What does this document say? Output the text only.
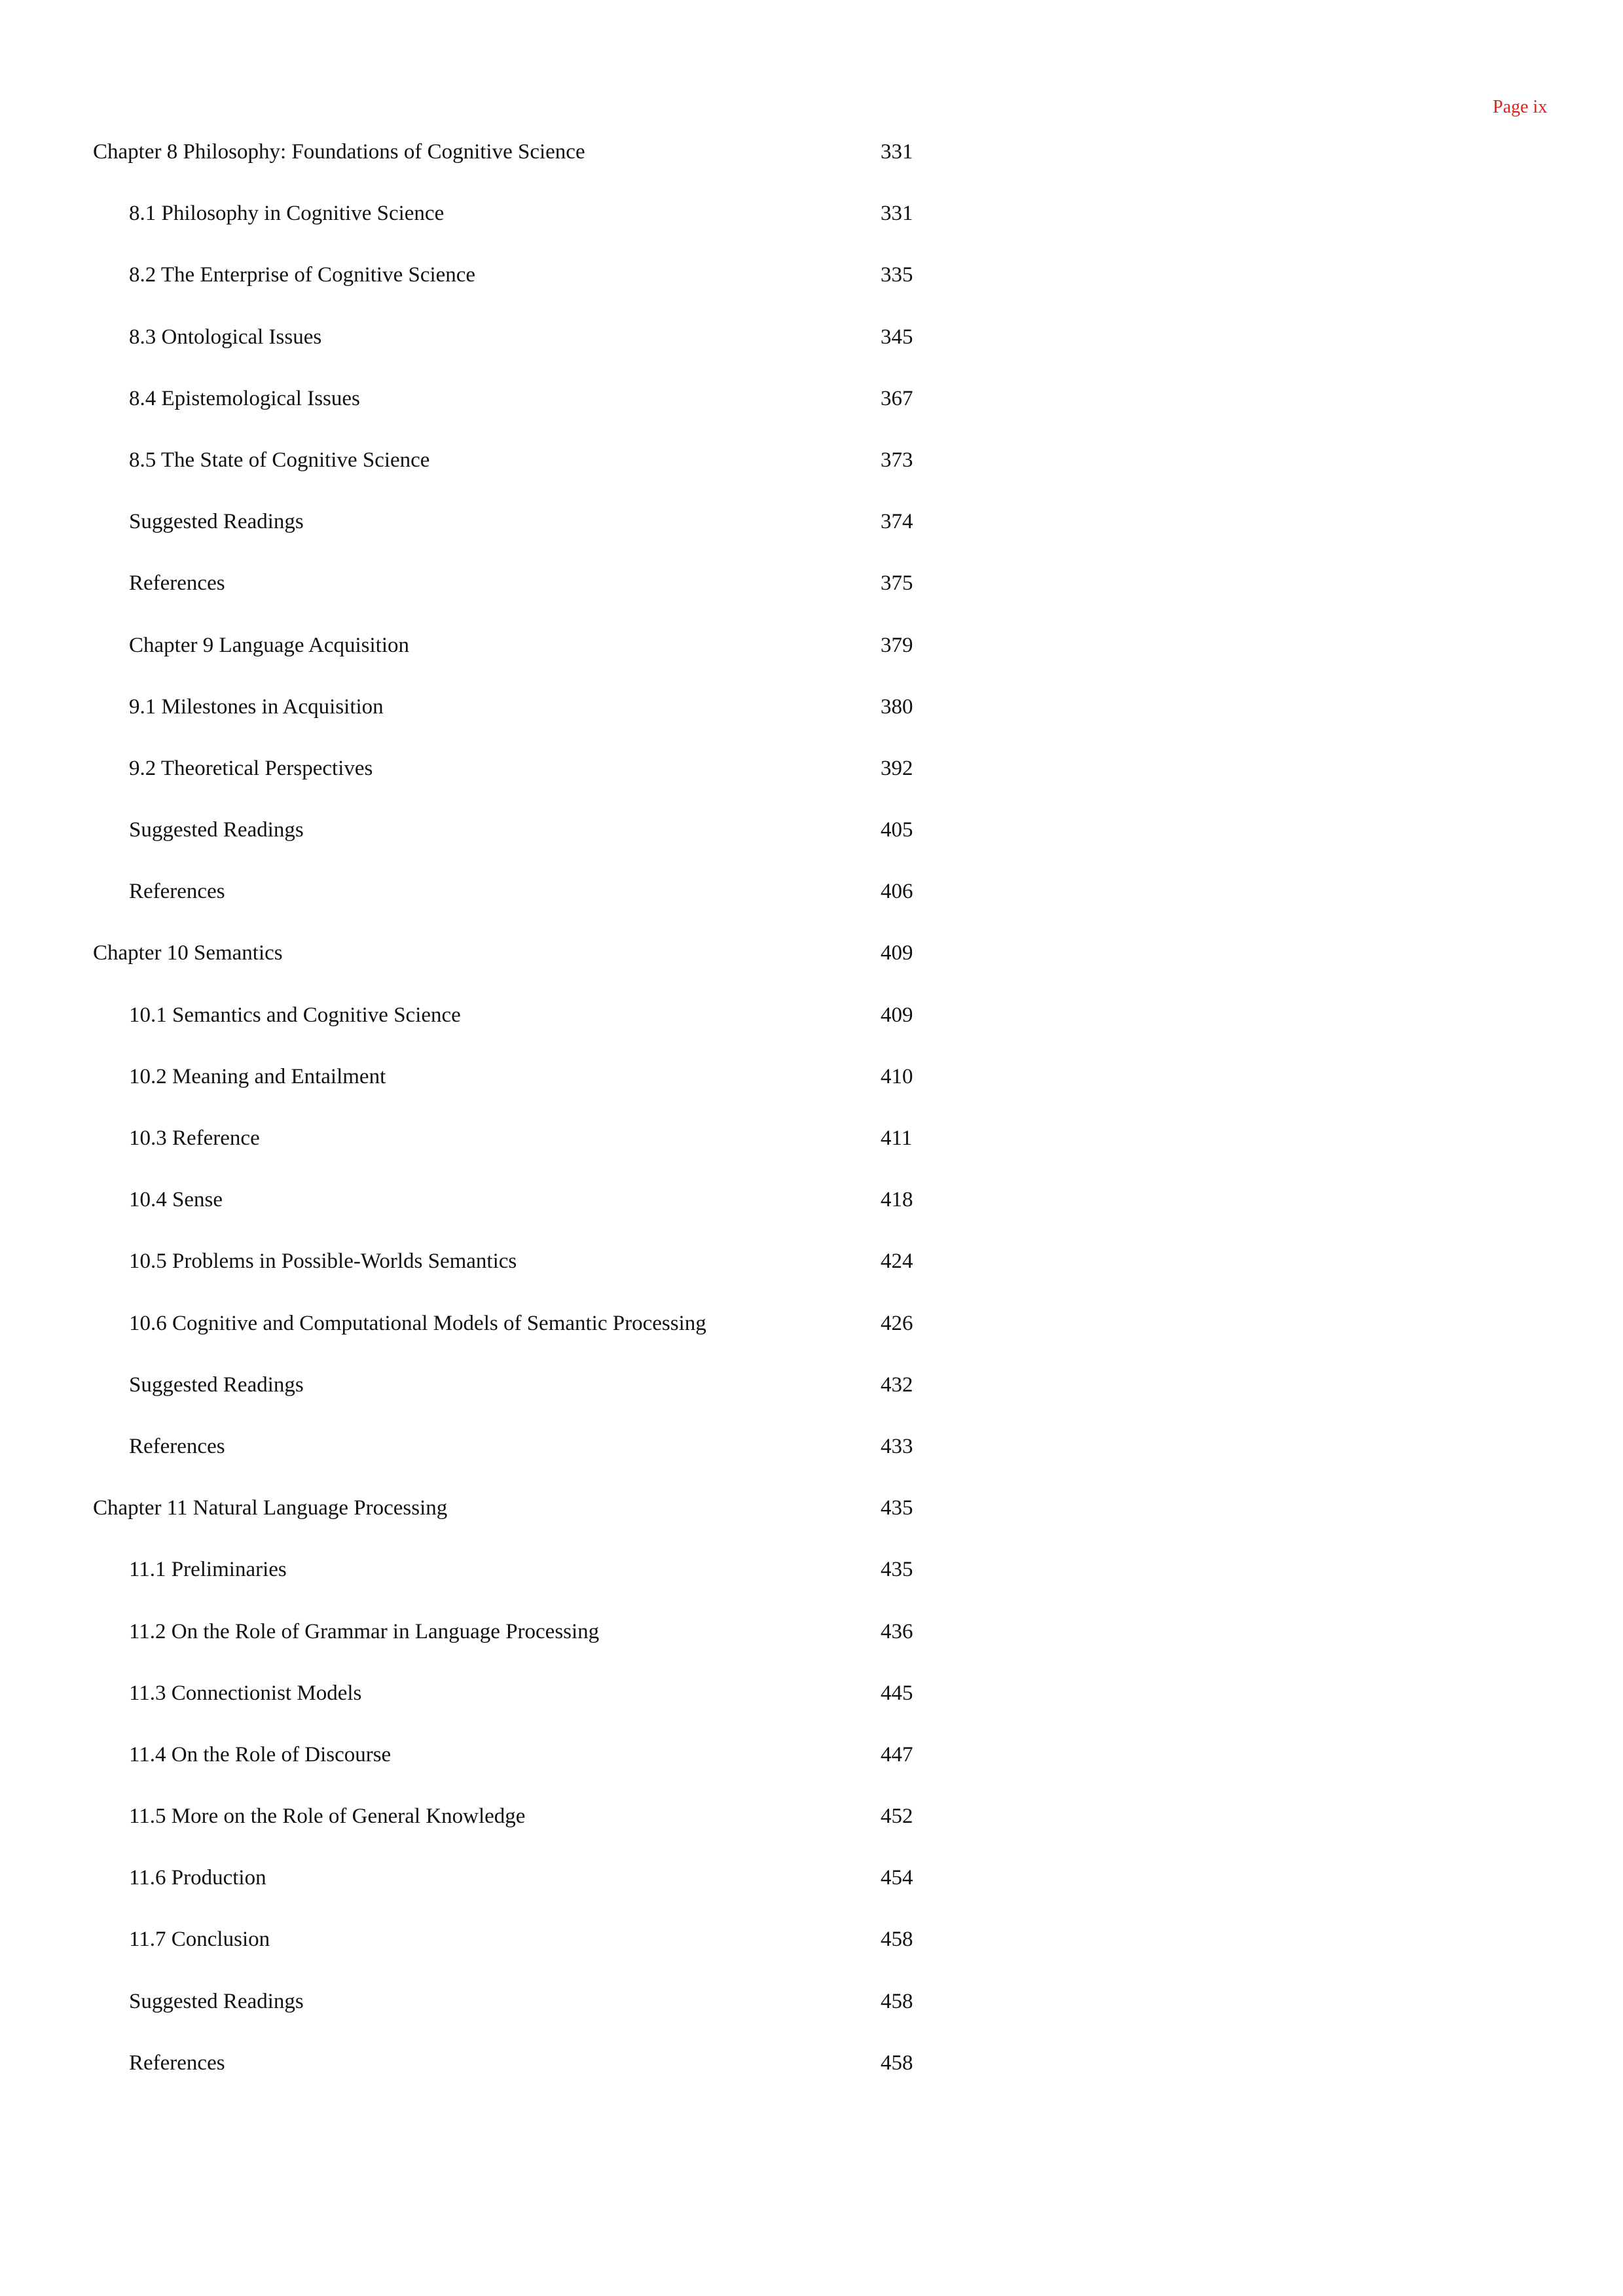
Page ix
Chapter 8 Philosophy: Foundations of Cognitive Science	331
8.1 Philosophy in Cognitive Science	331
8.2 The Enterprise of Cognitive Science	335
8.3 Ontological Issues	345
8.4 Epistemological Issues	367
8.5 The State of Cognitive Science	373
Suggested Readings	374
References	375
Chapter 9 Language Acquisition	379
9.1 Milestones in Acquisition	380
9.2 Theoretical Perspectives	392
Suggested Readings	405
References	406
Chapter 10 Semantics	409
10.1 Semantics and Cognitive Science	409
10.2 Meaning and Entailment	410
10.3 Reference	411
10.4 Sense	418
10.5 Problems in Possible-Worlds Semantics	424
10.6 Cognitive and Computational Models of Semantic Processing	426
Suggested Readings	432
References	433
Chapter 11 Natural Language Processing	435
11.1 Preliminaries	435
11.2 On the Role of Grammar in Language Processing	436
11.3 Connectionist Models	445
11.4 On the Role of Discourse	447
11.5 More on the Role of General Knowledge	452
11.6 Production	454
11.7 Conclusion	458
Suggested Readings	458
References	458
